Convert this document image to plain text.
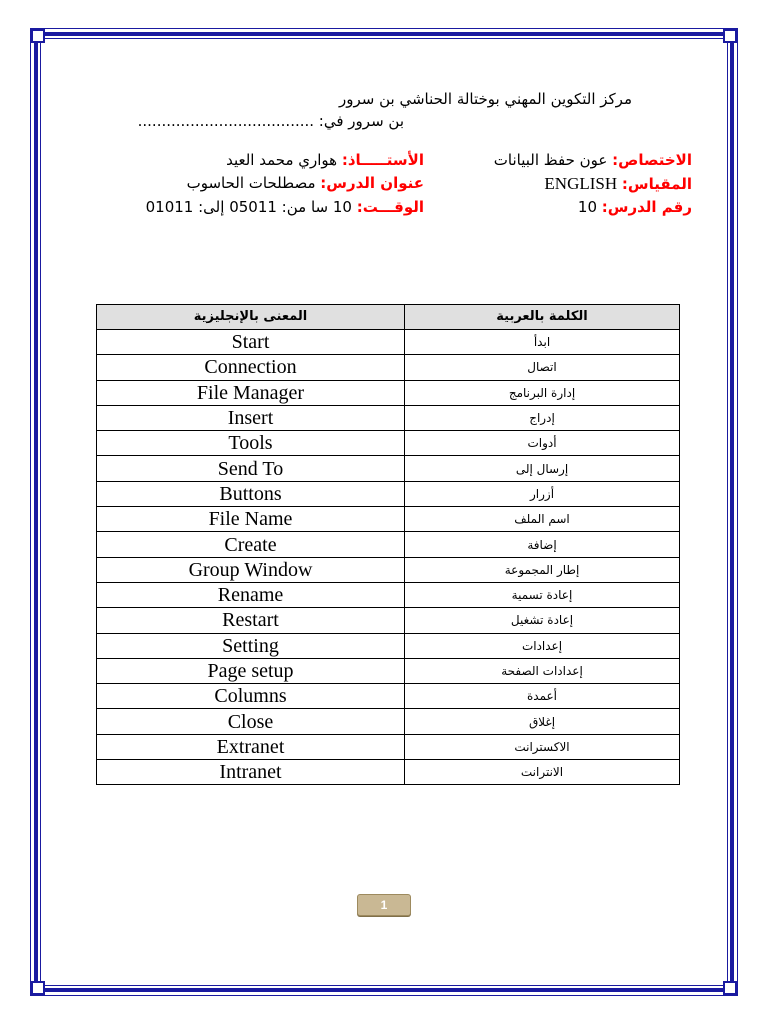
مركز التكوين المهني بوختالة الحناشي بن سرور
بن سرور في: .....................................
الاختصاص: عون حفظ البيانات
المقياس: ENGLISH
رقم الدرس: 10
الأستـــــاذ: هواري محمد العيد
عنوان الدرس: مصطلحات الحاسوب
الوقـــت: 10 سا من: 05011 إلى: 01011
المعنى بالإنجليزية	الكلمة بالعربية
Start	ابدأ
Connection	اتصال
File Manager	إدارة البرنامج
Insert	إدراج
Tools	أدوات
Send To	إرسال إلى
Buttons	أزرار
File Name	اسم الملف
Create	إضافة
Group Window	إطار المجموعة
Rename	إعادة تسمية
Restart	إعادة تشغيل
Setting	إعدادات
Page setup	إعدادات الصفحة
Columns	أعمدة
Close	إغلاق
Extranet	الاكسترانت
Intranet	الانترانت
1
